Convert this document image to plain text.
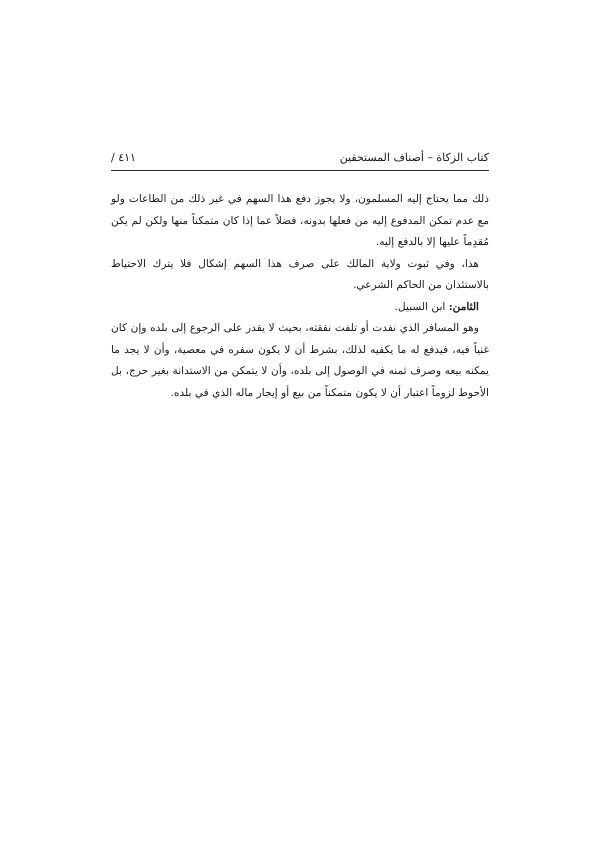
كتاب الزكاة – أصناف المستحقين
٤١١ /

ذلك مما يحتاج إليه المسلمون، ولا يجوز دفع هذا السهم في غير ذلك من الطاعات ولو مع عدم تمكن المدفوع إليه من فعلها بدونه، فضلاً عما إذا كان متمكناً منها ولكن لم يكن مُقدِماً عليها إلا بالدفع إليه.

هذا، وفي ثبوت ولاية المالك على صرف هذا السهم إشكال فلا يترك الاحتياط بالاستئذان من الحاكم الشرعي.

الثامن: ابن السبيل.

وهو المسافر الذي نفدت أو تلفت نفقته، بحيث لا يقدر على الرجوع إلى بلده وإن كان غنياً فيه، فيدفع له ما يكفيه لذلك، بشرط أن لا يكون سفره في معصية، وأن لا يجد ما يمكنه بيعه وصرف ثمنه في الوصول إلى بلده، وأن لا يتمكن من الاستدانة بغير حرج، بل الأحوط لزوماً اعتبار أن لا يكون متمكناً من بيع أو إيجار ماله الذي في بلده.
